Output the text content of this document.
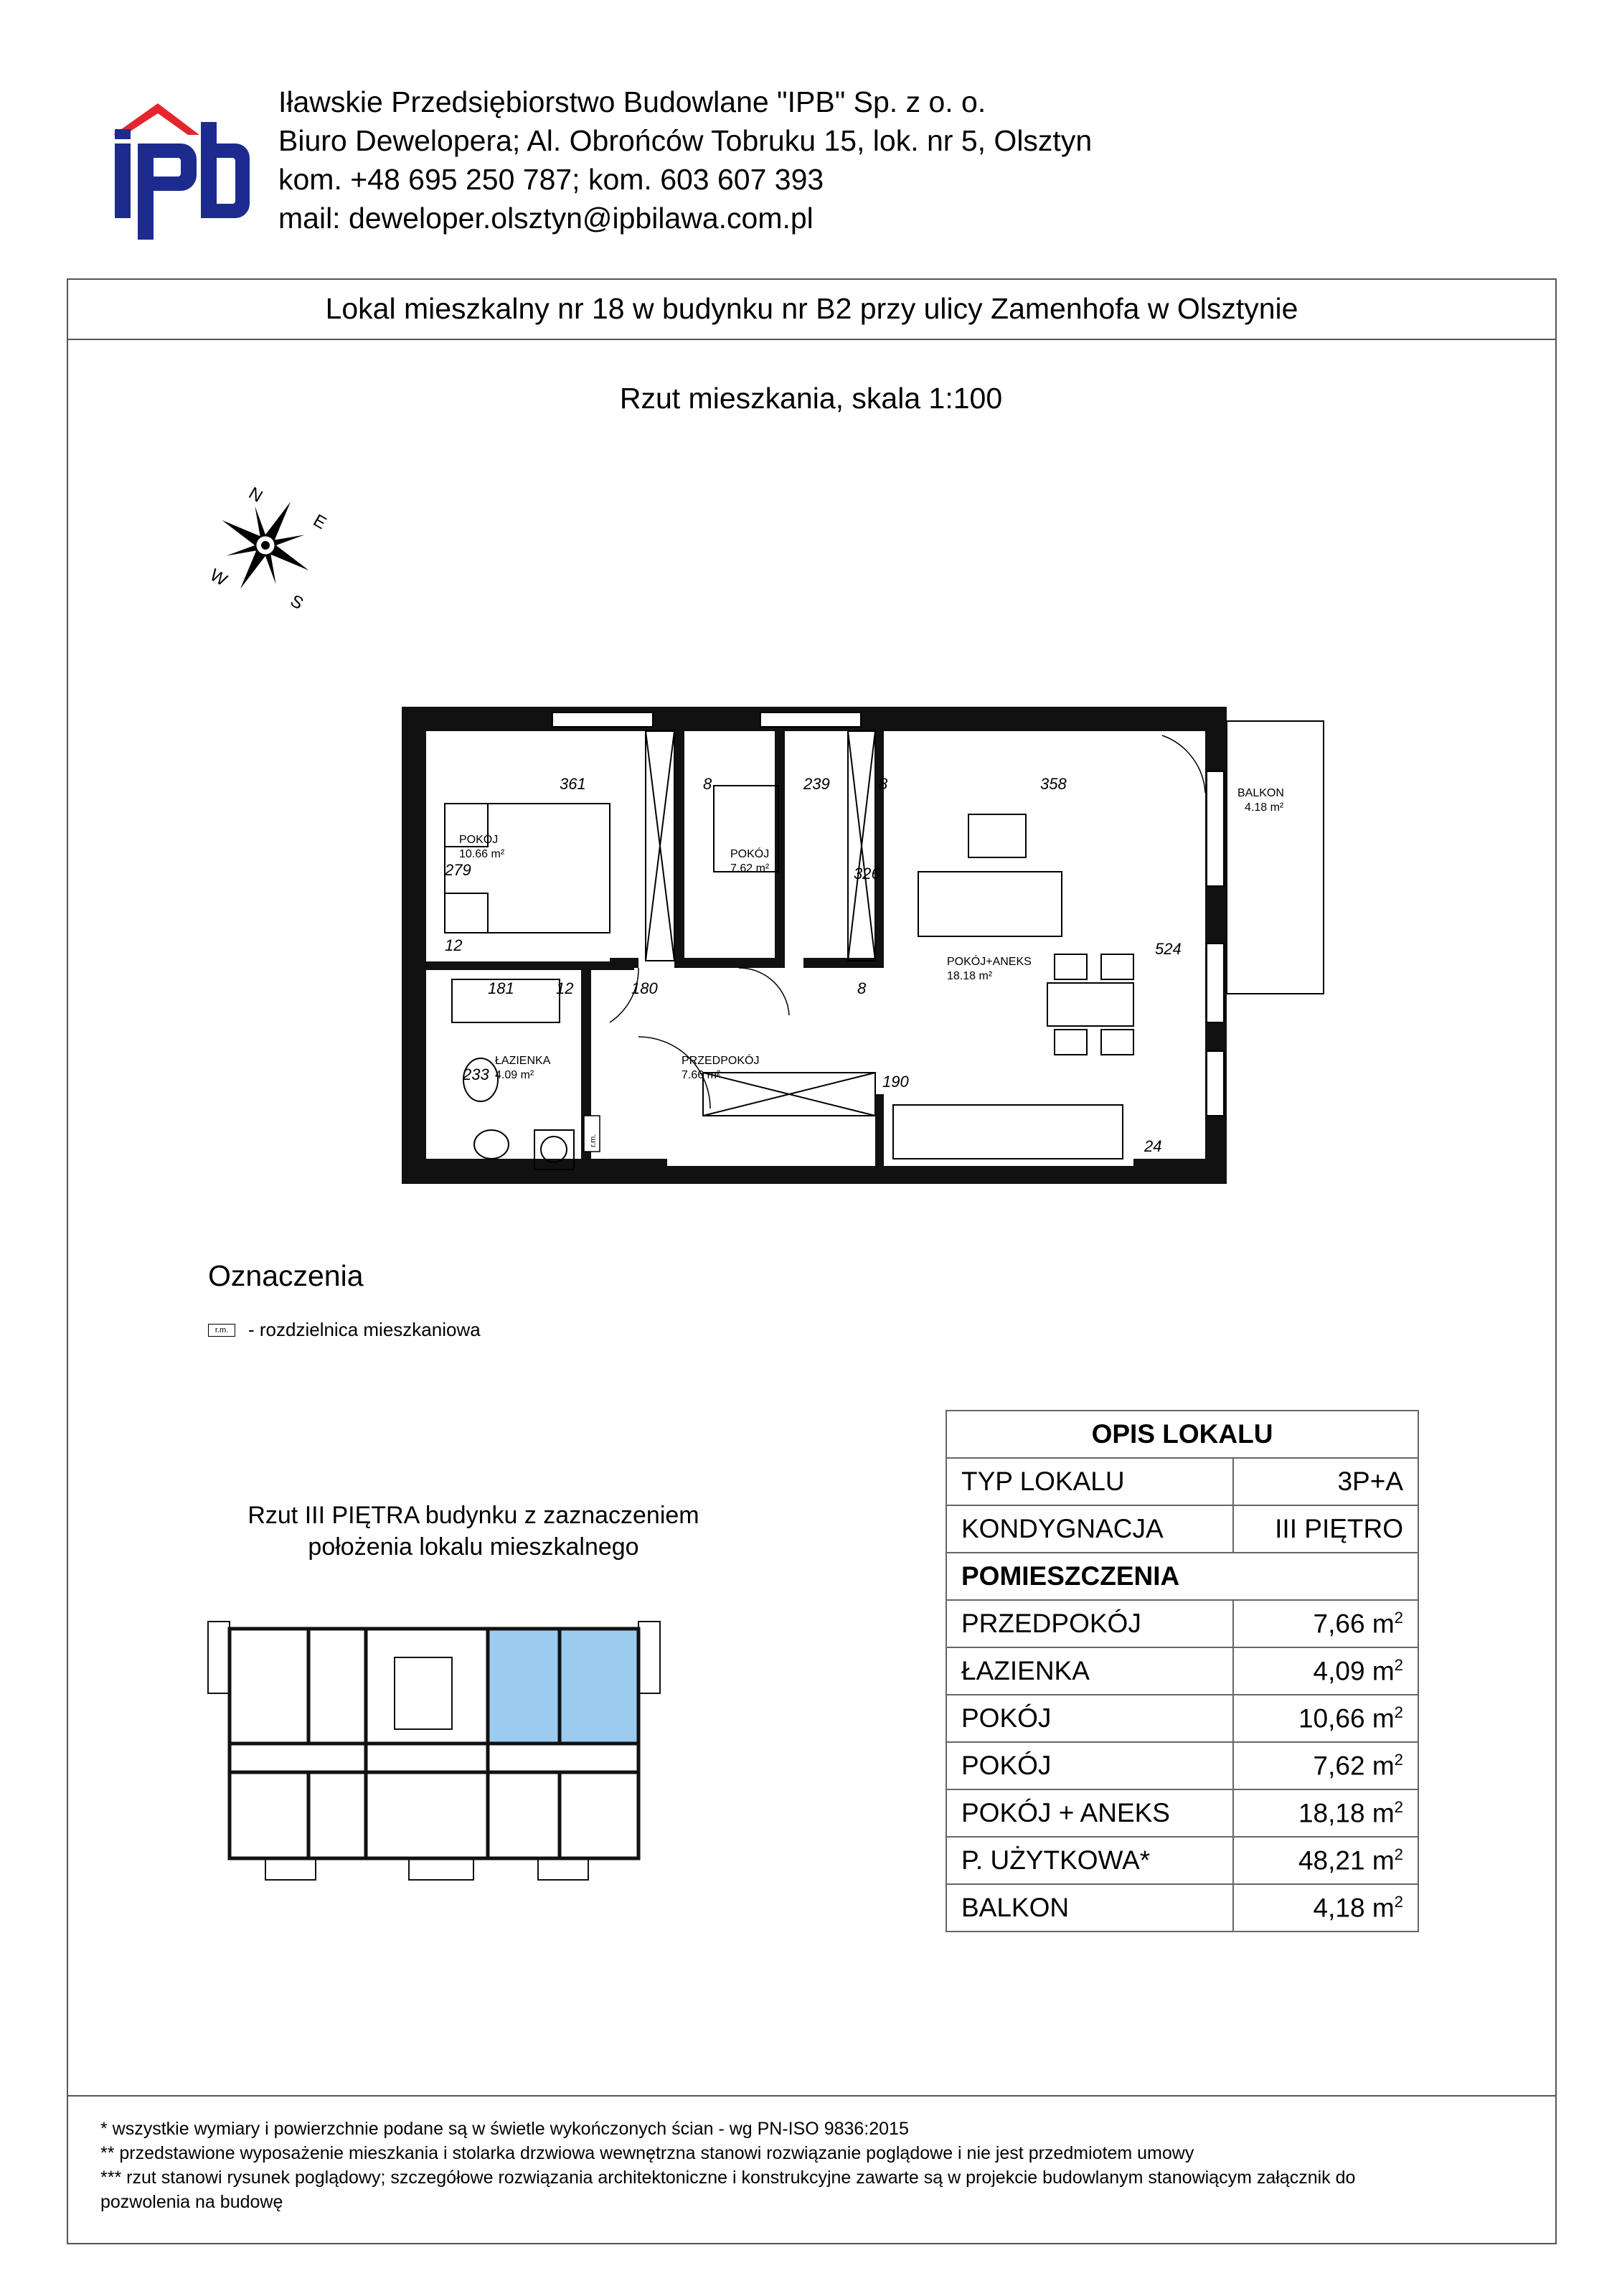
Iławskie Przedsiębiorstwo Budowlane "IPB" Sp. z o. o.
Biuro Dewelopera; Al. Obrońców Tobruku 15, lok. nr 5, Olsztyn
kom. +48 695 250 787; kom. 603 607 393
mail: deweloper.olsztyn@ipbilawa.com.pl
Lokal mieszkalny nr 18 w budynku nr B2 przy ulicy Zamenhofa w Olsztynie
Rzut mieszkania, skala 1:100
N
E
S
W
361	8	239	8	358
279	326
12	524
181	12	180	8
233	190
24
POKÓJ
10.66 m²	POKÓJ
7.62 m²
POKÓJ+ANEKS
18.18 m²
BALKON
4.18 m²
ŁAZIENKA
4.09 m²
PRZEDPOKÓJ
7.66 m²
r.m.
Oznaczenia
r.m.	- rozdzielnica mieszkaniowa
Rzut III PIĘTRA budynku z zaznaczeniem
położenia lokalu mieszkalnego
OPIS LOKALU	
TYP LOKALU	3P+A
KONDYGNACJA	III PIĘTRO
POMIESZCZENIA	
PRZEDPOKÓJ	7,66 $m^2$
ŁAZIENKA	4,09 $m^2$
POKÓJ	10,66 $m^2$
POKÓJ	7,62 $m^2$
POKÓJ + ANEKS	18,18 $m^2$
P. UŻYTKOWA*	48,21 $m^2$
BALKON	4,18 $m^2$
* wszystkie wymiary i powierzchnie podane są w świetle wykończonych ścian - wg PN-ISO 9836:2015
** przedstawione wyposażenie mieszkania i stolarka drzwiowa wewnętrzna stanowi rozwiązanie poglądowe i nie jest przedmiotem umowy
*** rzut stanowi rysunek poglądowy; szczegółowe rozwiązania architektoniczne i konstrukcyjne zawarte są w projekcie budowlanym stanowiącym załącznik do
pozwolenia na budowę
